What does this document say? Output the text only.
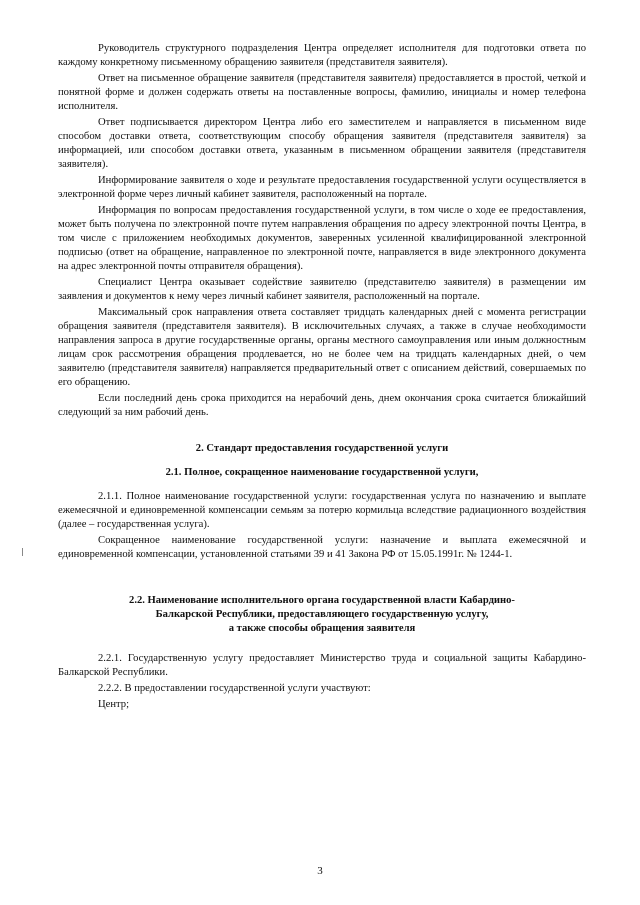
Руководитель структурного подразделения Центра определяет исполнителя для подготовки ответа по каждому конкретному письменному обращению заявителя (представителя заявителя).

Ответ на письменное обращение заявителя (представителя заявителя) предоставляется в простой, четкой и понятной форме и должен содержать ответы на поставленные вопросы, фамилию, инициалы и номер телефона исполнителя.

Ответ подписывается директором Центра либо его заместителем и направляется в письменном виде способом доставки ответа, соответствующим способу обращения заявителя (представителя заявителя) за информацией, или способом доставки ответа, указанным в письменном обращении заявителя (представителя заявителя).

Информирование заявителя о ходе и результате предоставления государственной услуги осуществляется в электронной форме через личный кабинет заявителя, расположенный на портале.

Информация по вопросам предоставления государственной услуги, в том числе о ходе ее предоставления, может быть получена по электронной почте путем направления обращения по адресу электронной почты Центра, в том числе с приложением необходимых документов, заверенных усиленной квалифицированной электронной подписью (ответ на обращение, направленное по электронной почте, направляется в виде электронного документа на адрес электронной почты отправителя обращения).

Специалист Центра оказывает содействие заявителю (представителю заявителя) в размещении им заявления и документов к нему через личный кабинет заявителя, расположенный на портале.

Максимальный срок направления ответа составляет тридцать календарных дней с момента регистрации обращения заявителя (представителя заявителя). В исключительных случаях, а также в случае необходимости направления запроса в другие государственные органы, органы местного самоуправления или иным должностным лицам срок рассмотрения обращения продлевается, но не более чем на тридцать календарных дней, о чем заявителю (представителя заявителя) направляется предварительный ответ с описанием действий, совершаемых по его обращению.

Если последний день срока приходится на нерабочий день, днем окончания срока считается ближайший следующий за ним рабочий день.

2. Стандарт предоставления государственной услуги

2.1. Полное, сокращенное наименование государственной услуги,

2.1.1. Полное наименование государственной услуги: государственная услуга по назначению и выплате ежемесячной и единовременной компенсации семьям за потерю кормильца вследствие радиационного воздействия (далее – государственная услуга).

Сокращенное наименование государственной услуги: назначение и выплата ежемесячной и единовременной компенсации, установленной статьями 39 и 41 Закона РФ от 15.05.1991г. № 1244-1.

2.2. Наименование исполнительного органа государственной власти Кабардино-

Балкарской Республики, предоставляющего государственную услугу,

а также способы обращения заявителя

2.2.1. Государственную услугу предоставляет Министерство труда и социальной защиты Кабардино-Балкарской Республики.

2.2.2. В предоставлении государственной услуги участвуют:

Центр;

3
